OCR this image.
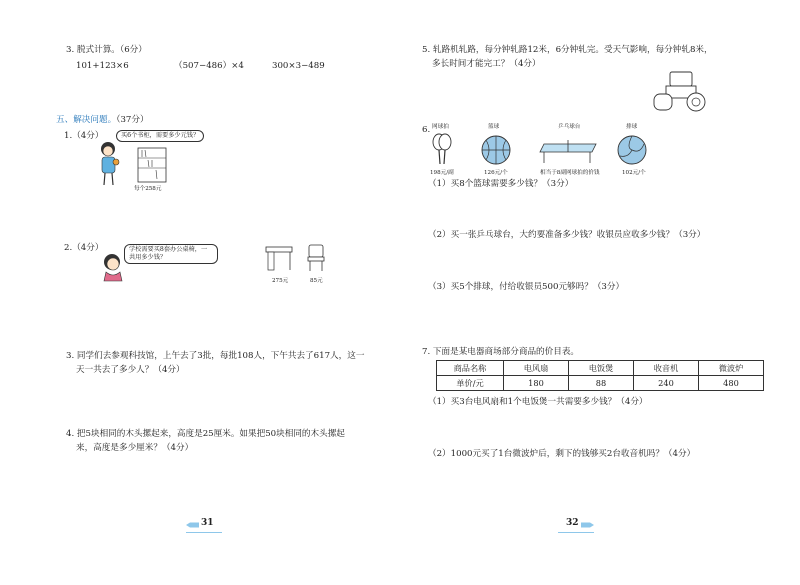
3. 脱式计算。（6分）
101+123×6	（507−486）×4	300×3−489
五、解决问题。（37分）
1.（4分）	买6个书柜，需要多少元钱？
每个258元
2.（4分）	学校需要买8套办公桌椅，一共用多少钱？
275元	85元
3. 同学们去参观科技馆，上午去了3批，每批108人，下午共去了617人，这一
天一共去了多少人？（4分）
4. 把5块相同的木头摞起来，高度是25厘米。如果把50块相同的木头摞起
来，高度是多少厘米？（4分）
31
5. 轧路机轧路，每分钟轧路12米，6分钟轧完。受天气影响，每分钟轧8米，
多长时间才能完工？（4分）
6. 网球拍	篮球	乒乓球台	排球
198元/副	126元/个	相当于8副网球拍的价钱	102元/个
（1）买8个篮球需要多少钱？（3分）
（2）买一张乒乓球台，大约要准备多少钱？收银员应收多少钱？（3分）
（3）买5个排球，付给收银员500元够吗？（3分）
7. 下面是某电器商场部分商品的价目表。
商品名称	电风扇	电饭煲	收音机	微波炉
单价/元	180	88	240	480
（1）买3台电风扇和1个电饭煲一共需要多少钱？（4分）
（2）1000元买了1台微波炉后，剩下的钱够买2台收音机吗？（4分）
32
